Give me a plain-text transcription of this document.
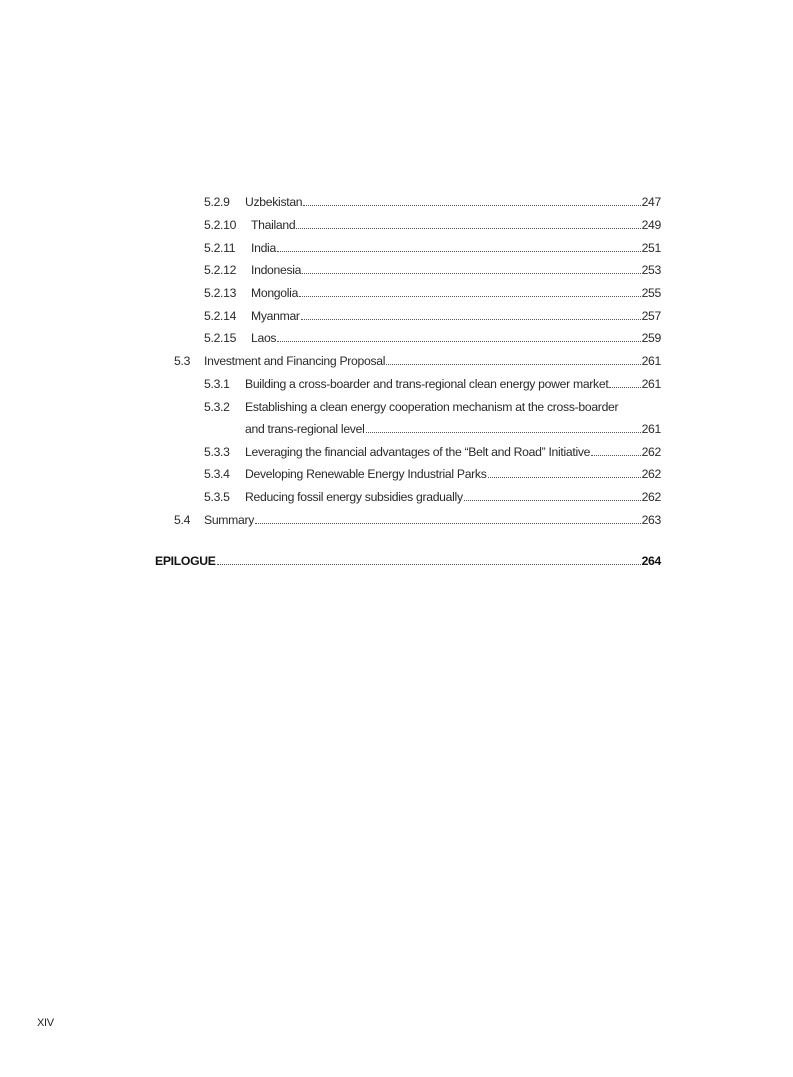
5.2.9	Uzbekistan	247
5.2.10	Thailand	249
5.2.11	India	251
5.2.12	Indonesia	253
5.2.13	Mongolia	255
5.2.14	Myanmar	257
5.2.15	Laos	259
5.3	Investment and Financing Proposal	261
5.3.1	Building a cross-boarder and trans-regional clean energy power market	261
5.3.2	Establishing a clean energy cooperation mechanism at the cross-boarder
and trans-regional level	261
5.3.3	Leveraging the financial advantages of the “Belt and Road” Initiative	262
5.3.4	Developing Renewable Energy Industrial Parks	262
5.3.5	Reducing fossil energy subsidies gradually	262
5.4	Summary	263
EPILOGUE	264
XIV
